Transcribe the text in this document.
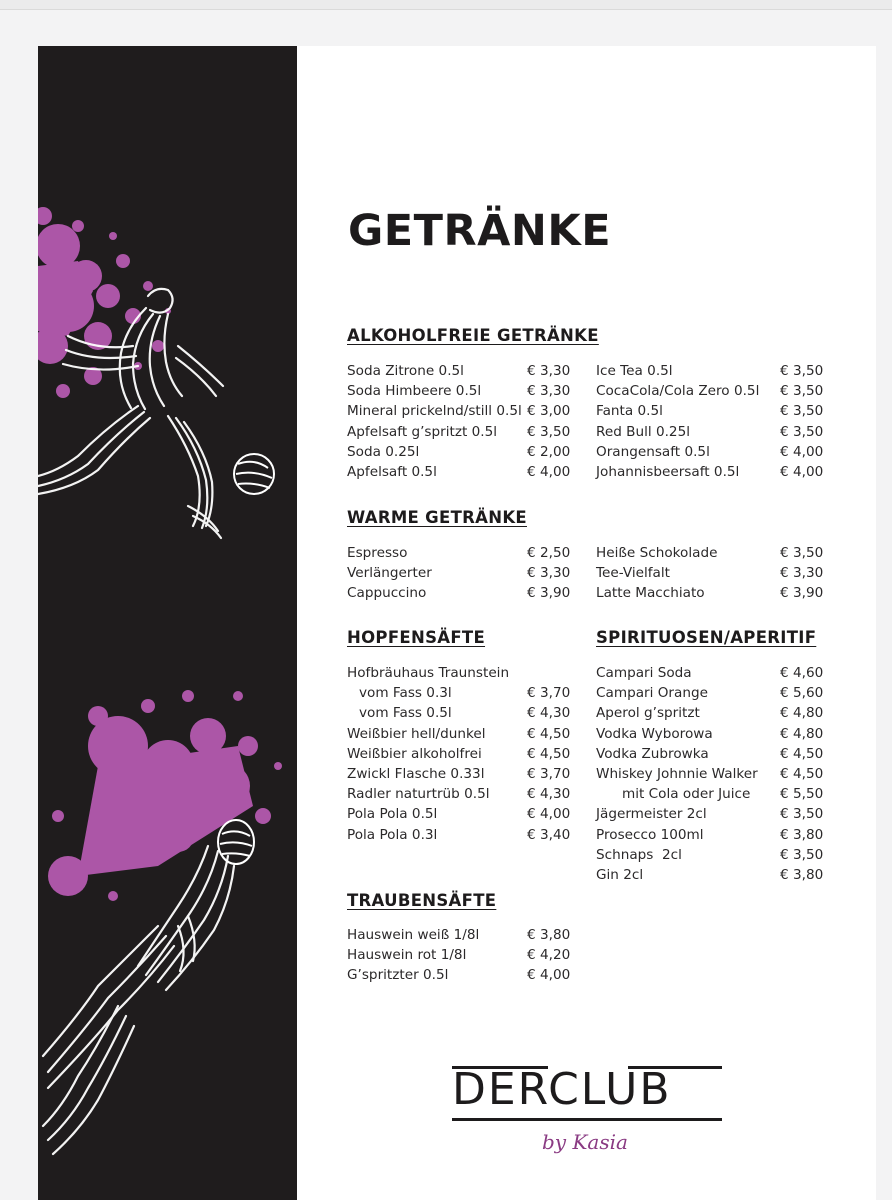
GETRÄNKE
ALKOHOLFREIE GETRÄNKE
Soda Zitrone 0.5l	€ 3,30
Soda Himbeere 0.5l	€ 3,30
Mineral prickelnd/still 0.5l € 3,00
Apfelsaft g’spritzt 0.5l € 3,50
Soda 0.25l	€ 2,00
Apfelsaft 0.5l	€ 4,00
Ice Tea 0.5l	€ 3,50
CocaCola/Cola Zero 0.5l € 3,50
Fanta 0.5l	€ 3,50
Red Bull 0.25l	€ 3,50
Orangensaft 0.5l	€ 4,00
Johannisbeersaft 0.5l	€ 4,00
WARME GETRÄNKE
Espresso	€ 2,50
Verlängerter	€ 3,30
Cappuccino	€ 3,90
Heiße Schokolade	€ 3,50
Tee-Vielfalt	€ 3,30
Latte Macchiato	€ 3,90
HOPFENSÄFTE
Hofbräuhaus Traunstein
vom Fass 0.3l	€ 3,70
vom Fass 0.5l	€ 4,30
Weißbier hell/dunkel	€ 4,50
Weißbier alkoholfrei	€ 4,50
Zwickl Flasche 0.33l	€ 3,70
Radler naturtrüb 0.5l	€ 4,30
Pola Pola 0.5l	€ 4,00
Pola Pola 0.3l	€ 3,40
SPIRITUOSEN/APERITIF
Campari Soda	€ 4,60
Campari Orange	€ 5,60
Aperol g’spritzt	€ 4,80
Vodka Wyborowa	€ 4,80
Vodka Zubrowka	€ 4,50
Whiskey Johnnie Walker € 4,50
mit Cola oder Juice € 5,50
Jägermeister 2cl	€ 3,50
Prosecco 100ml	€ 3,80
Schnaps  2cl	€ 3,50
Gin 2cl	€ 3,80
TRAUBENSÄFTE
Hauswein weiß 1/8l	€ 3,80
Hauswein rot 1/8l	€ 4,20
G’spritzter 0.5l	€ 4,00
DERCLUB
by Kasia
